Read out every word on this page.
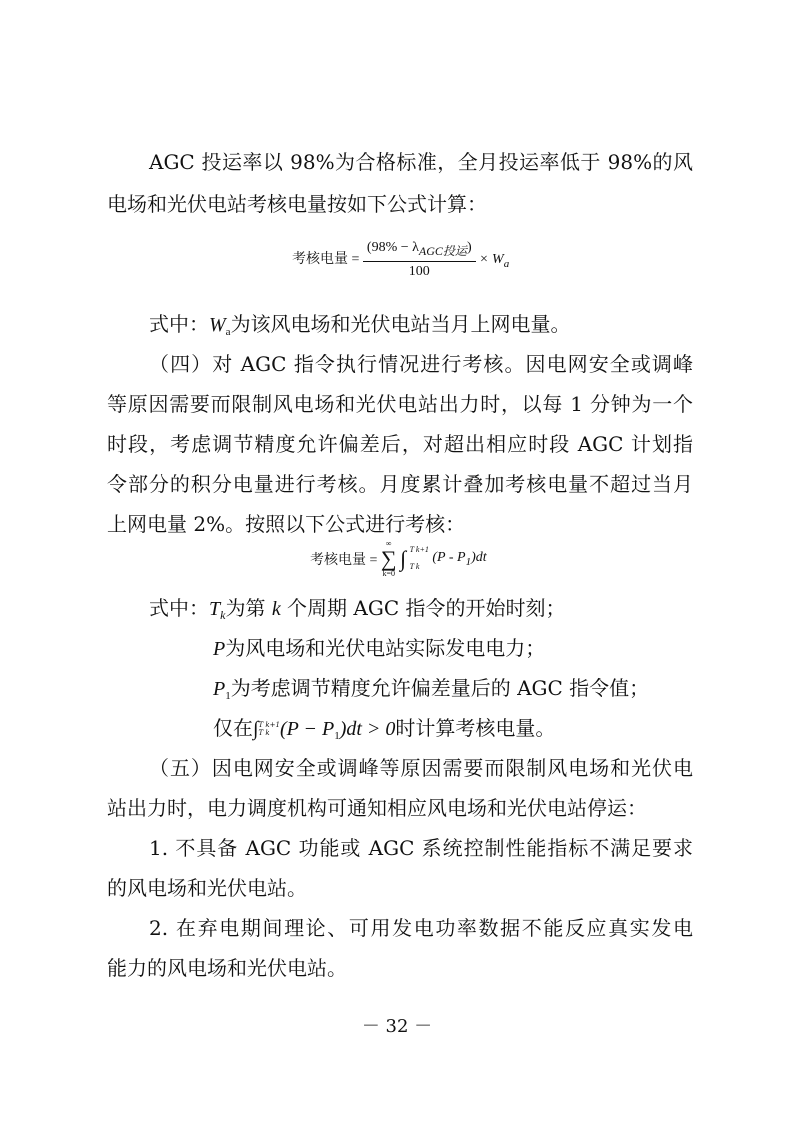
AGC 投运率以 98%为合格标准，全月投运率低于 98%的风
电场和光伏电站考核电量按如下公式计算：
考核电量 = $\frac{\text{(98\% − λAGC投运)}}{100} \times W_a$
式中：$W_a$为该风电场和光伏电站当月上网电量。
（四）对 AGC 指令执行情况进行考核。因电网安全或调峰
等原因需要而限制风电场和光伏电站出力时，以每 1 分钟为一个
时段，考虑调节精度允许偏差后，对超出相应时段 AGC 计划指
令部分的积分电量进行考核。月度累计叠加考核电量不超过当月
上网电量 2%。按照以下公式进行考核：
考核电量 =
∞
∑
k=0
∫ T k+1
T k
$(P - P_1)dt$
式中：$T_k$为第 k 个周期 AGC 指令的开始时刻；
P为风电场和光伏电站实际发电电力；
$P_1$为考虑调节精度允许偏差量后的 AGC 指令值；
仅在∫ T k+1
T k $(P - P_1)dt > 0$时计算考核电量。
（五）因电网安全或调峰等原因需要而限制风电场和光伏电
站出力时，电力调度机构可通知相应风电场和光伏电站停运：
1. 不具备 AGC 功能或 AGC 系统控制性能指标不满足要求
的风电场和光伏电站。
2. 在弃电期间理论、可用发电功率数据不能反应真实发电
能力的风电场和光伏电站。
－ 32 －
